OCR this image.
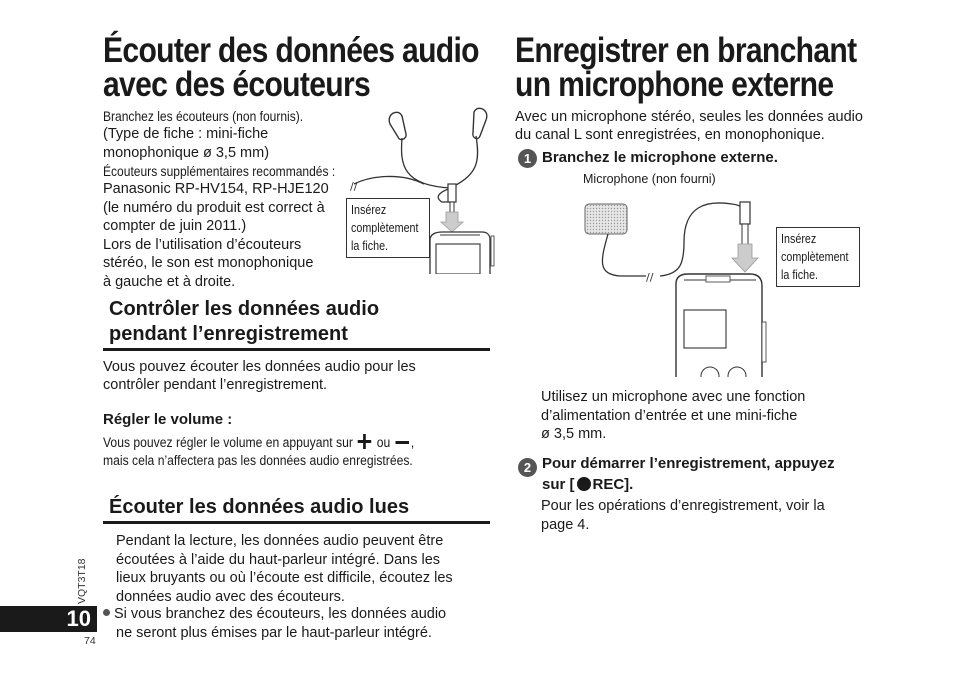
Écouter des données audio
avec des écouteurs
Branchez les écouteurs (non fournis).
(Type de fiche : mini-fiche
monophonique ø 3,5 mm)
Écouteurs supplémentaires recommandés :
Panasonic RP-HV154, RP-HJE120
(le numéro du produit est correct à
compter de juin 2011.)
Lors de l’utilisation d’écouteurs
stéréo, le son est monophonique
à gauche et à droite.
//
Insérez
complètement
la fiche.
Contrôler les données audio
pendant l’enregistrement
Vous pouvez écouter les données audio pour les
contrôler pendant l’enregistrement.
Régler le volume :
Vous pouvez régler le volume en appuyant sur ou ,
mais cela n’affectera pas les données audio enregistrées.
Écouter les données audio lues
Pendant la lecture, les données audio peuvent être
écoutées à l’aide du haut-parleur intégré. Dans les
lieux bruyants ou où l’écoute est difficile, écoutez les
données audio avec des écouteurs.
Si vous branchez des écouteurs, les données audio
ne seront plus émises par le haut-parleur intégré.
VQT3T18
10
74
Enregistrer en branchant
un microphone externe
Avec un microphone stéréo, seules les données audio
du canal L sont enregistrées, en monophonique.
1 Branchez le microphone externe.
Microphone (non fourni)
//
Insérez
complètement
la fiche.
Utilisez un microphone avec une fonction
d’alimentation d’entrée et une mini-fiche
ø 3,5 mm.
2 Pour démarrer l’enregistrement, appuyez
sur [ REC].
Pour les opérations d’enregistrement, voir la
page 4.
